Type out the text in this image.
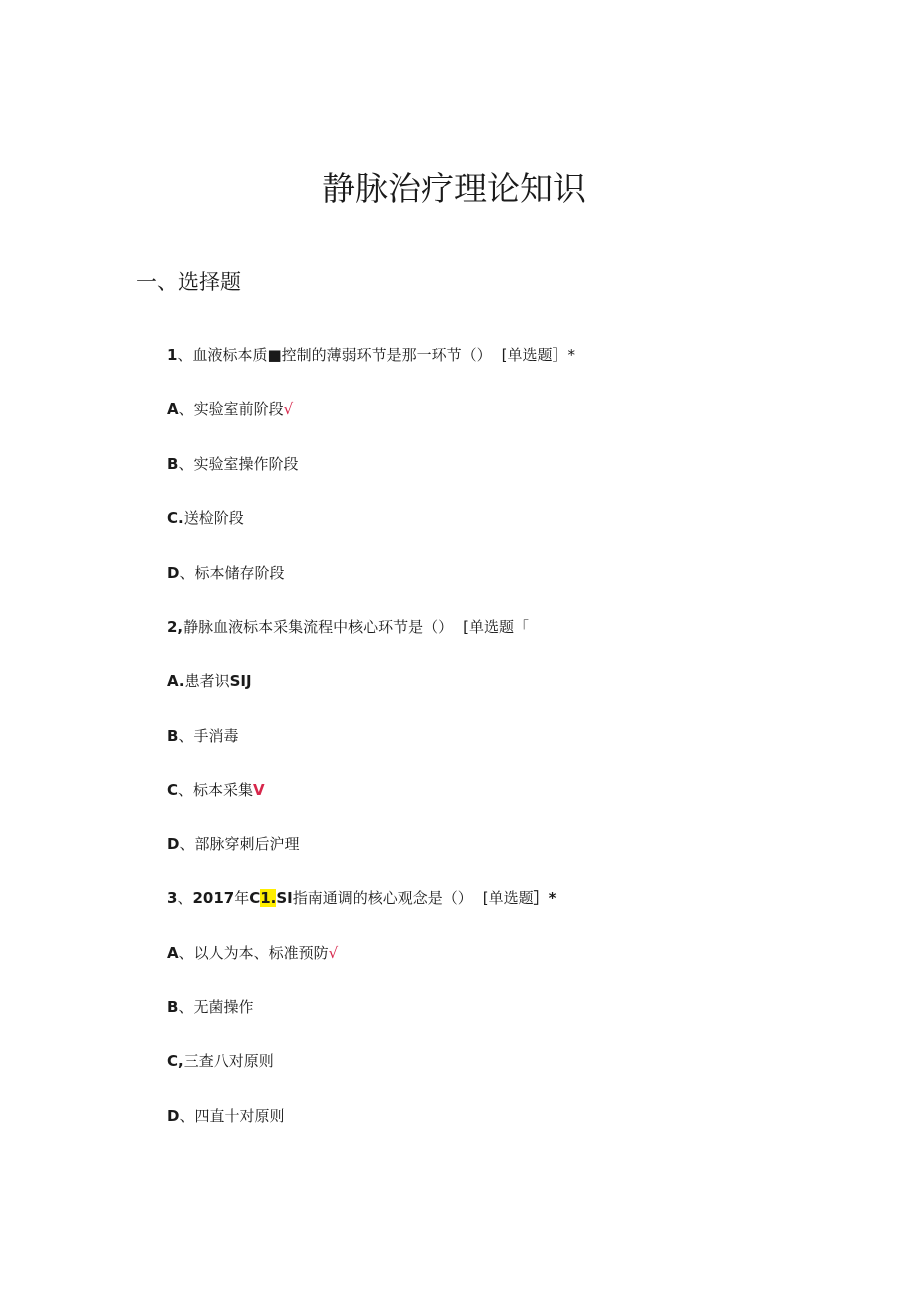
静脉治疗理论知识
一、选择题
1、血液标本质■控制的薄弱环节是那一环节（） [单选题］*
A、实验室前阶段√
B、实验室操作阶段
C.送检阶段
D、标本储存阶段
2,静脉血液标本采集流程中核心环节是（） [单选题「
A.患者识SIJ
B、手消毒
C、标本采集V
D、部脉穿刺后沪理
3、2017年C1.SI指南通调的核心观念是（） [单选题］*
A、以人为本、标准预防√
B、无菌操作
C,三查八对原则
D、四直十对原则
